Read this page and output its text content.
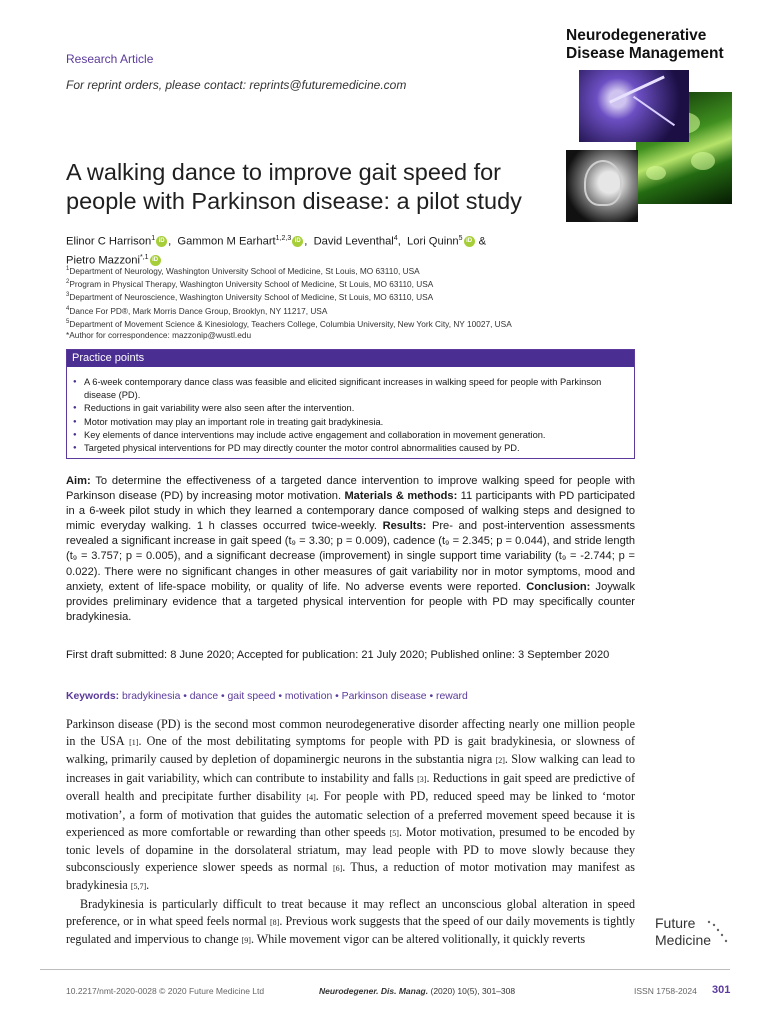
Research Article
For reprint orders, please contact: reprints@futuremedicine.com
Neurodegenerative
Disease Management
A walking dance to improve gait speed for
people with Parkinson disease: a pilot study
Elinor C Harrison$^1$ iD , Gammon M Earhart$^{1,2,3}$ iD , David Leventhal$^4$, Lori Quinn$^5$ iD &
Pietro Mazzoni$^{*,1}$ iD
$^1$Department of Neurology, Washington University School of Medicine, St Louis, MO 63110, USA
$^2$Program in Physical Therapy, Washington University School of Medicine, St Louis, MO 63110, USA
$^3$Department of Neuroscience, Washington University School of Medicine, St Louis, MO 63110, USA
$^4$Dance For PD®, Mark Morris Dance Group, Brooklyn, NY 11217, USA
$^5$Department of Movement Science & Kinesiology, Teachers College, Columbia University, New York City, NY 10027, USA
*Author for correspondence: mazzonip@wustl.edu
Practice points
● A 6-week contemporary dance class was feasible and elicited significant increases in walking speed for people with Parkinson disease (PD).
● Reductions in gait variability were also seen after the intervention.
● Motor motivation may play an important role in treating gait bradykinesia.
● Key elements of dance interventions may include active engagement and collaboration in movement generation.
● Targeted physical interventions for PD may directly counter the motor control abnormalities caused by PD.
Aim: To determine the effectiveness of a targeted dance intervention to improve walking speed for people with Parkinson disease (PD) by increasing motor motivation. Materials & methods: 11 participants with PD participated in a 6-week pilot study in which they learned a contemporary dance composed of walking steps and designed to mimic everyday walking. 1 h classes occurred twice-weekly. Results: Pre- and post-intervention assessments revealed a significant increase in gait speed (t₉ = 3.30; p = 0.009), cadence (t₉ = 2.345; p = 0.044), and stride length (t₉ = 3.757; p = 0.005), and a significant decrease (improvement) in single support time variability (t₉ = -2.744; p = 0.022). There were no significant changes in other measures of gait variability nor in motor symptoms, mood and anxiety, extent of life-space mobility, or quality of life. No adverse events were reported. Conclusion: Joywalk provides preliminary evidence that a targeted physical intervention for people with PD may specifically counter bradykinesia.
First draft submitted: 8 June 2020; Accepted for publication: 21 July 2020; Published online: 3 September 2020
Keywords: bradykinesia • dance • gait speed • motivation • Parkinson disease • reward

Parkinson disease (PD) is the second most common neurodegenerative disorder affecting nearly one million people in the USA [1]. One of the most debilitating symptoms for people with PD is gait bradykinesia, or slowness of walking, primarily caused by depletion of dopaminergic neurons in the substantia nigra [2]. Slow walking can lead to increases in gait variability, which can contribute to instability and falls [3]. Reductions in gait speed are predictive of overall health and precipitate further disability [4]. For people with PD, reduced speed may be linked to ‘motor motivation’, a form of motivation that guides the automatic selection of a preferred movement speed because it is experienced as more comfortable or rewarding than other speeds [5]. Motor motivation, presumed to be encoded by tonic levels of dopamine in the dorsolateral striatum, may lead people with PD to move slowly because they subconsciously experience slower speeds as normal [6]. Thus, a reduction of motor motivation may manifest as bradykinesia [5,7].

Bradykinesia is particularly difficult to treat because it may reflect an unconscious global alteration in speed preference, or in what speed feels normal [8]. Previous work suggests that the speed of our daily movements is tightly regulated and impervious to change [9]. While movement vigor can be altered volitionally, it quickly reverts

Future
Medicine
10.2217/nmt-2020-0028 © 2020 Future Medicine Ltd	Neurodegener. Dis. Manag. (2020) 10(5), 301–308	ISSN 1758-2024 301
